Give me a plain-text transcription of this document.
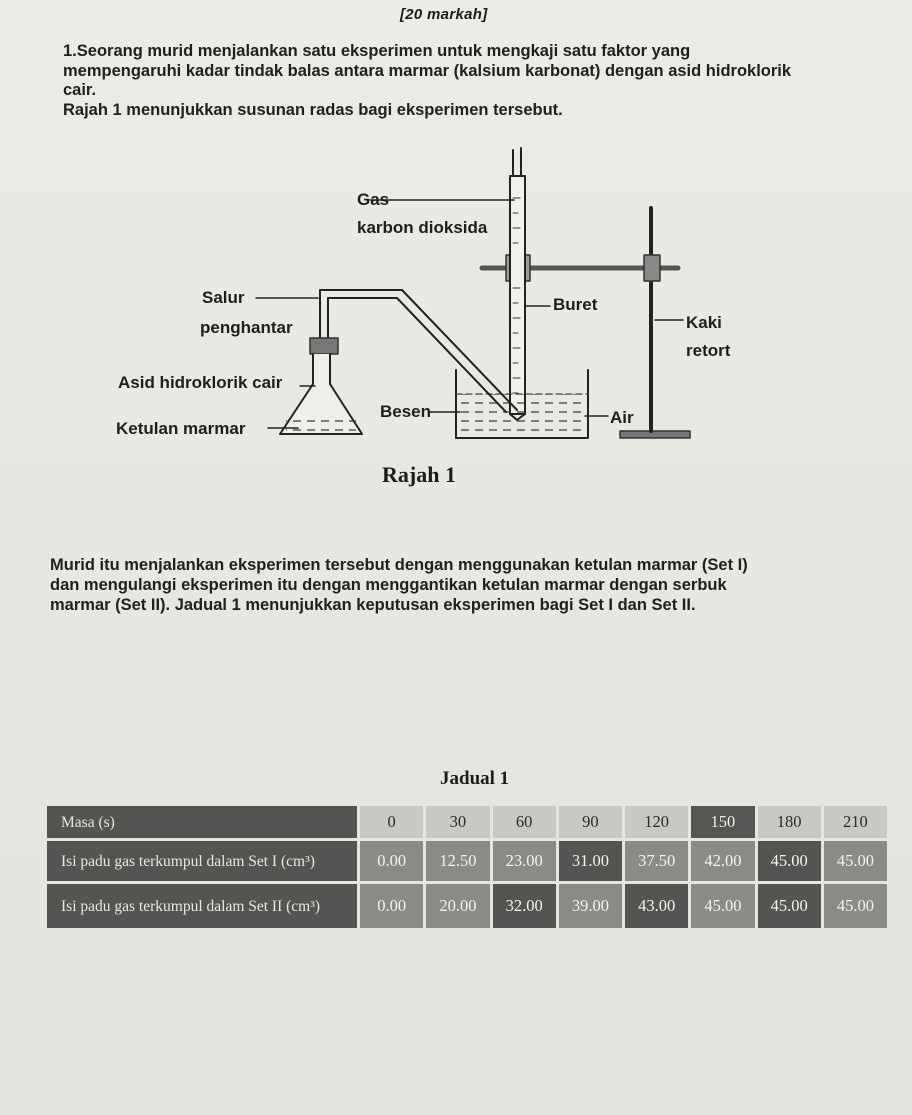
[20 markah]

1.Seorang murid menjalankan satu eksperimen untuk mengkaji satu faktor yang

mempengaruhi kadar tindak balas antara marmar (kalsium karbonat) dengan asid hidroklorik

cair.

Rajah 1 menunjukkan susunan radas bagi eksperimen tersebut.

Gas
karbon dioksida
Salur
penghantar
Asid hidroklorik cair
Ketulan marmar
Buret
Kaki
retort
Besen	Air
Rajah 1

Murid itu menjalankan eksperimen tersebut dengan menggunakan ketulan marmar (Set I)

dan mengulangi eksperimen itu dengan menggantikan ketulan marmar dengan serbuk

marmar (Set II). Jadual 1 menunjukkan keputusan eksperimen bagi Set I dan Set II.

Jadual 1
Masa (s)	0	30	60	90	120	150	180	210
Isi padu gas terkumpul dalam Set I (cm³)	0.00	12.50	23.00	31.00	37.50	42.00	45.00	45.00
Isi padu gas terkumpul dalam Set II (cm³)	0.00	20.00	32.00	39.00	43.00	45.00	45.00	45.00
